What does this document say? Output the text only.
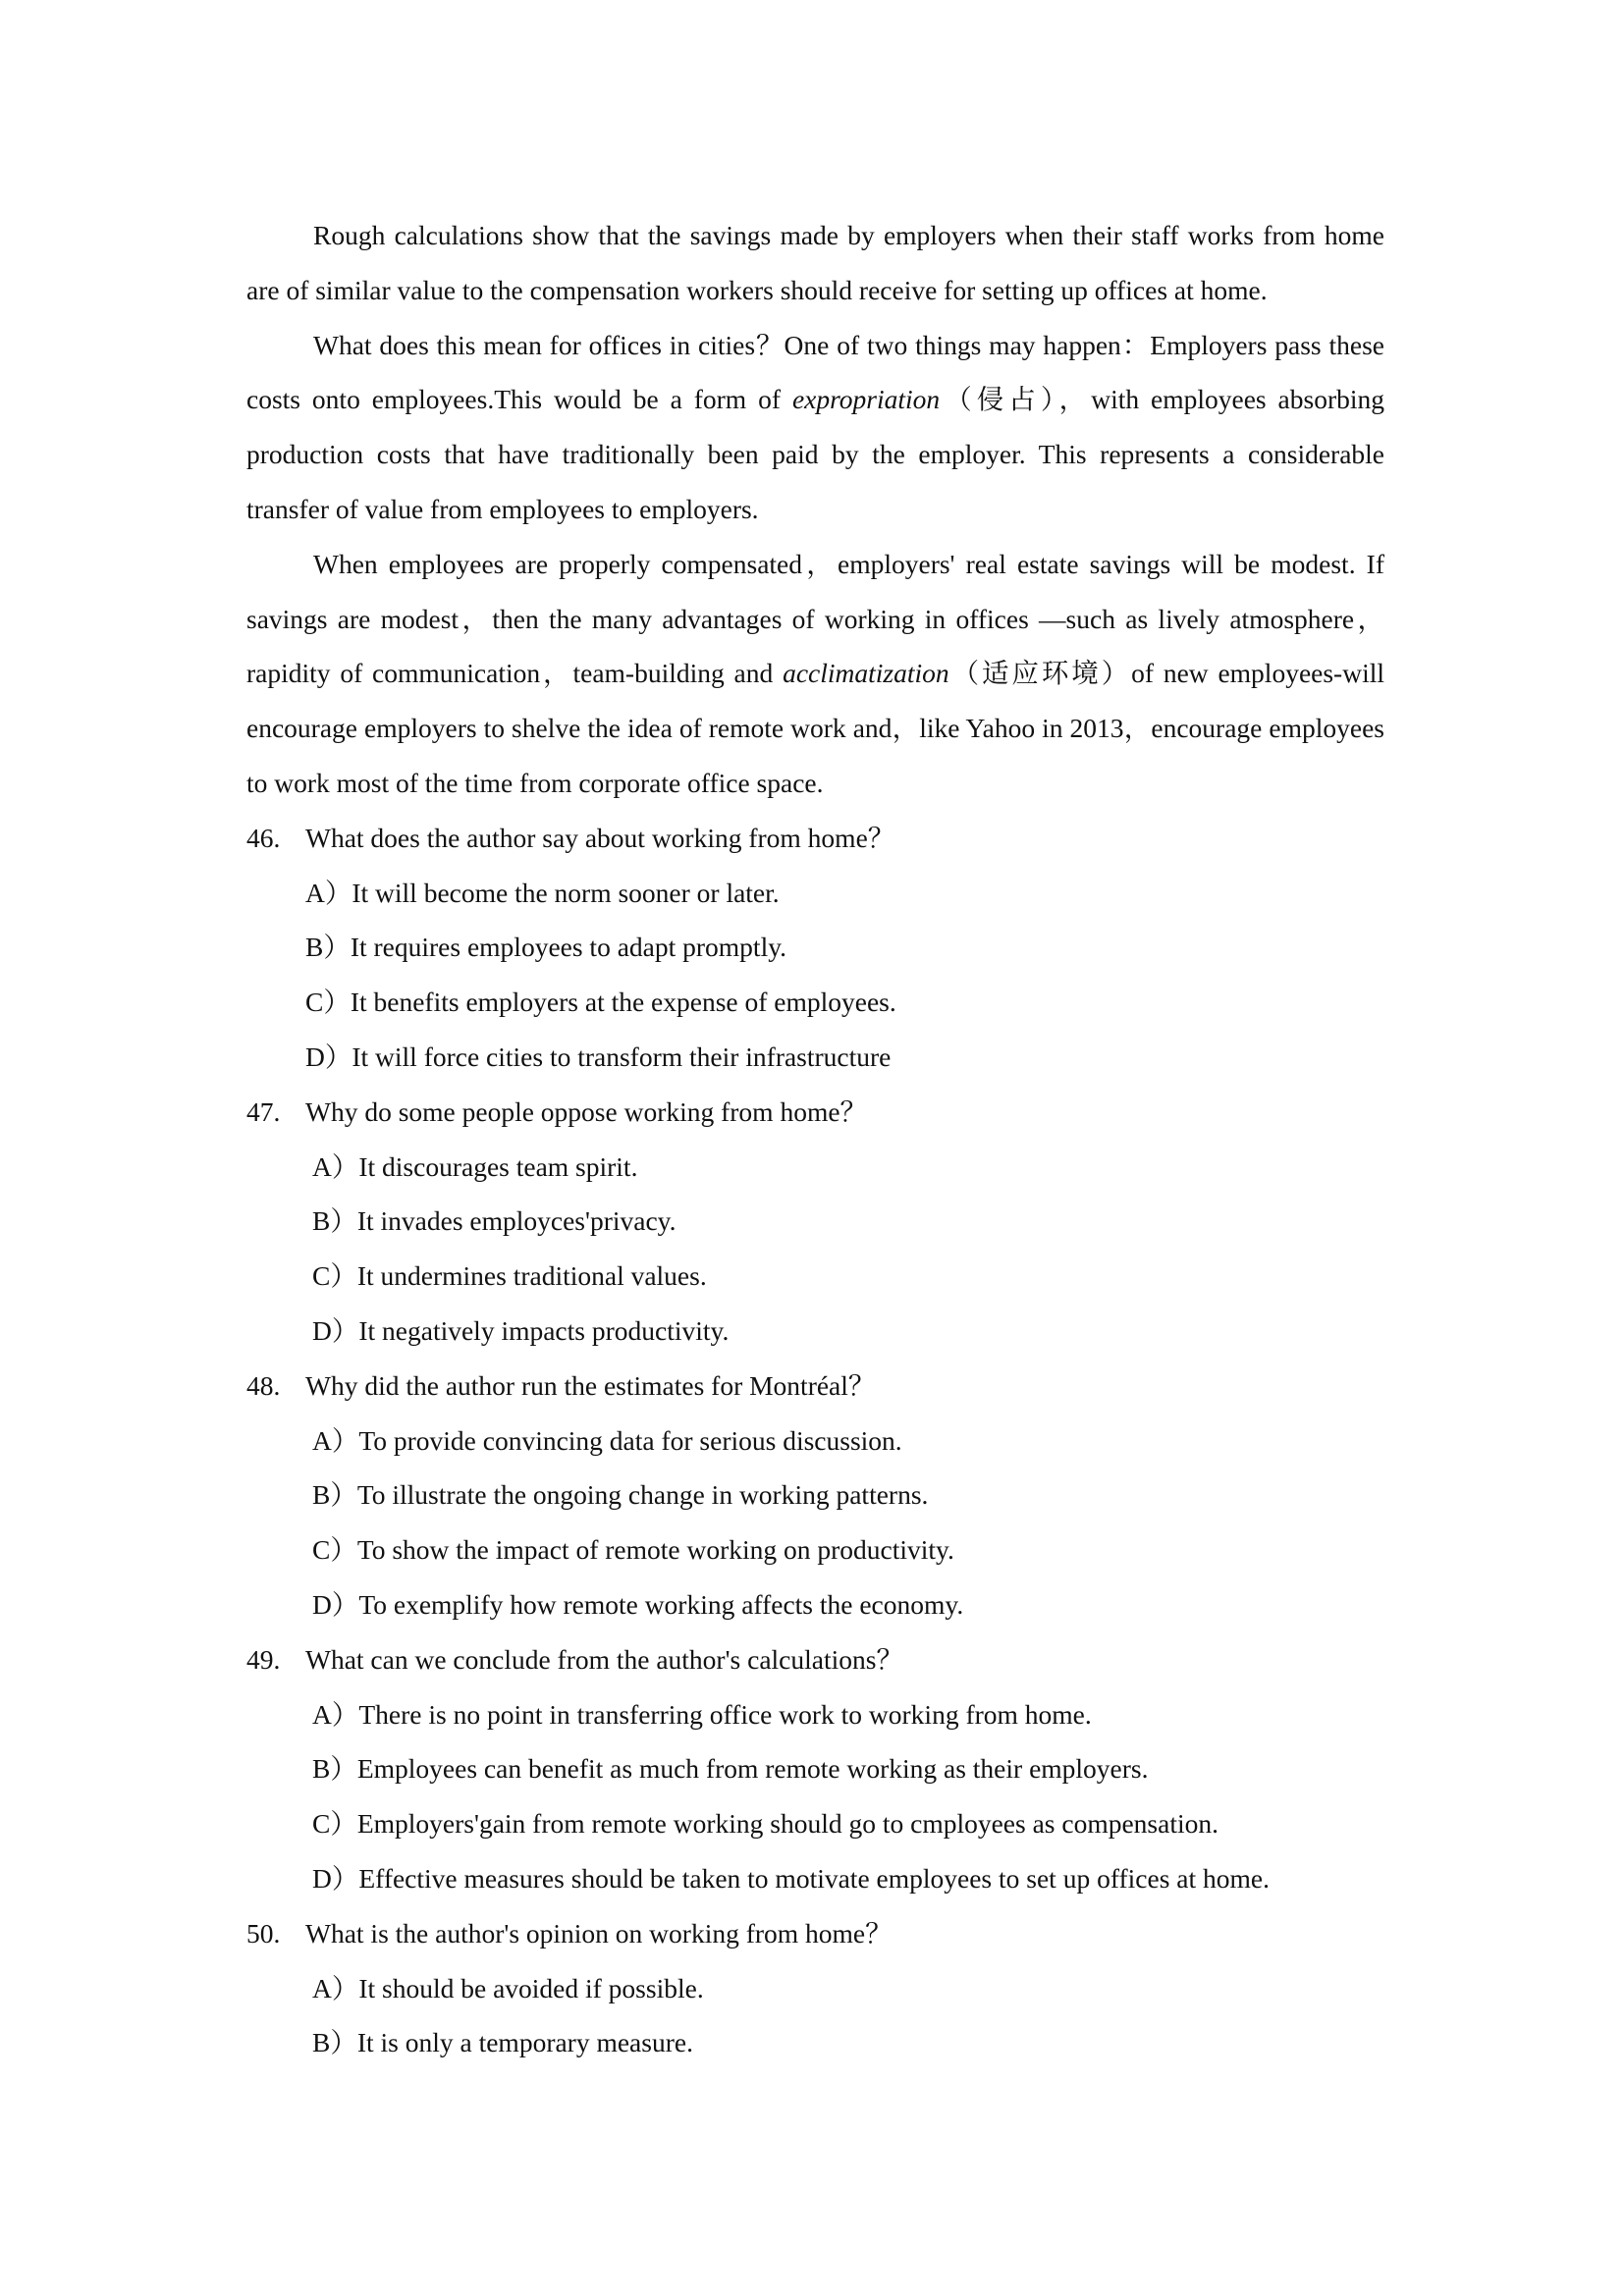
Rough calculations show that the savings made by employers when their staff works from home are of similar value to the compensation workers should receive for setting up offices at home.

What does this mean for offices in cities？One of two things may happen：Employers pass these costs onto employees.This would be a form of expropriation（侵占），with employees absorbing production costs that have traditionally been paid by the employer. This represents a considerable transfer of value from employees to employers.

When employees are properly compensated，employers' real estate savings will be modest. If savings are modest，then the many advantages of working in offices —such as lively atmosphere，rapidity of communication，team-building and acclimatization（适应环境）of new employees-will encourage employers to shelve the idea of remote work and，like Yahoo in 2013，encourage employees to work most of the time from corporate office space.

46. What does the author say about working from home？

A）It will become the norm sooner or later.

B）It requires employees to adapt promptly.

C）It benefits employers at the expense of employees.

D）It will force cities to transform their infrastructure

47. Why do some people oppose working from home？

A）It discourages team spirit.

B）It invades employces'privacy.

C）It undermines traditional values.

D）It negatively impacts productivity.

48. Why did the author run the estimates for Montréal？

A）To provide convincing data for serious discussion.

B）To illustrate the ongoing change in working patterns.

C）To show the impact of remote working on productivity.

D）To exemplify how remote working affects the economy.

49. What can we conclude from the author's calculations？

A）There is no point in transferring office work to working from home.

B）Employees can benefit as much from remote working as their employers.

C）Employers'gain from remote working should go to cmployees as compensation.

D）Effective measures should be taken to motivate employees to set up offices at home.

50. What is the author's opinion on working from home？

A）It should be avoided if possible.

B）It is only a temporary measure.
